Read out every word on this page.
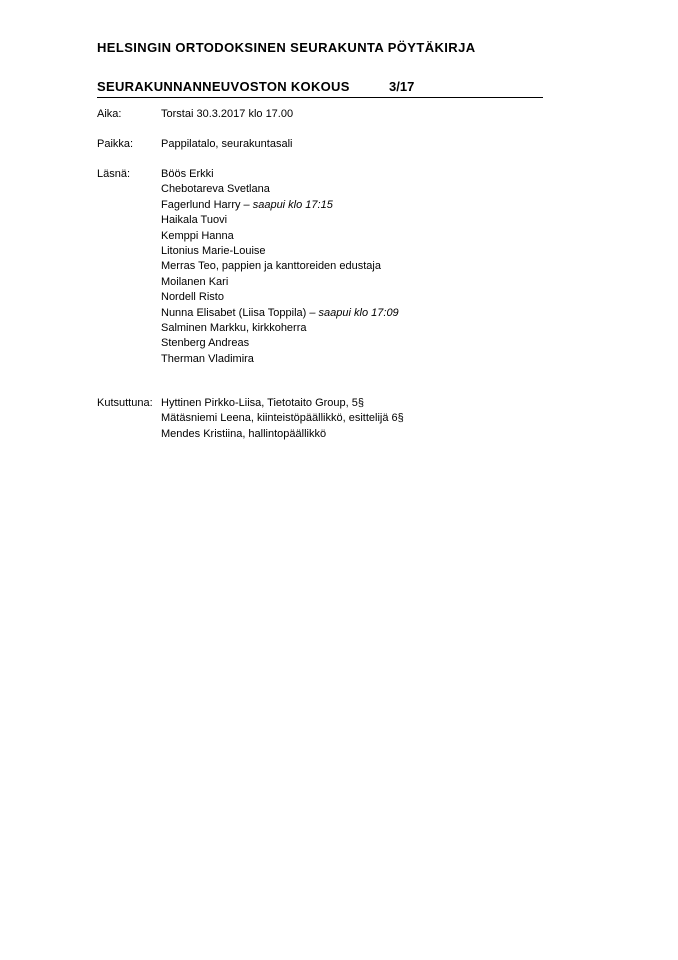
HELSINGIN ORTODOKSINEN SEURAKUNTA PÖYTÄKIRJA
SEURAKUNNANNEUVOSTON KOKOUS	3/17
Aika:	Torstai 30.3.2017 klo 17.00
Paikka:	Pappilatalo, seurakuntasali
Läsnä:	Böös Erkki
Chebotareva Svetlana
Fagerlund Harry – saapui klo 17:15
Haikala Tuovi
Kemppi Hanna
Litonius Marie-Louise
Merras Teo, pappien ja kanttoreiden edustaja
Moilanen Kari
Nordell Risto
Nunna Elisabet (Liisa Toppila) – saapui klo 17:09
Salminen Markku, kirkkoherra
Stenberg Andreas
Therman Vladimira
Kutsuttuna: Hyttinen Pirkko-Liisa, Tietotaito Group, 5§
Mätäsniemi Leena, kiinteistöpäällikkö, esittelijä 6§
Mendes Kristiina, hallintopäällikkö
